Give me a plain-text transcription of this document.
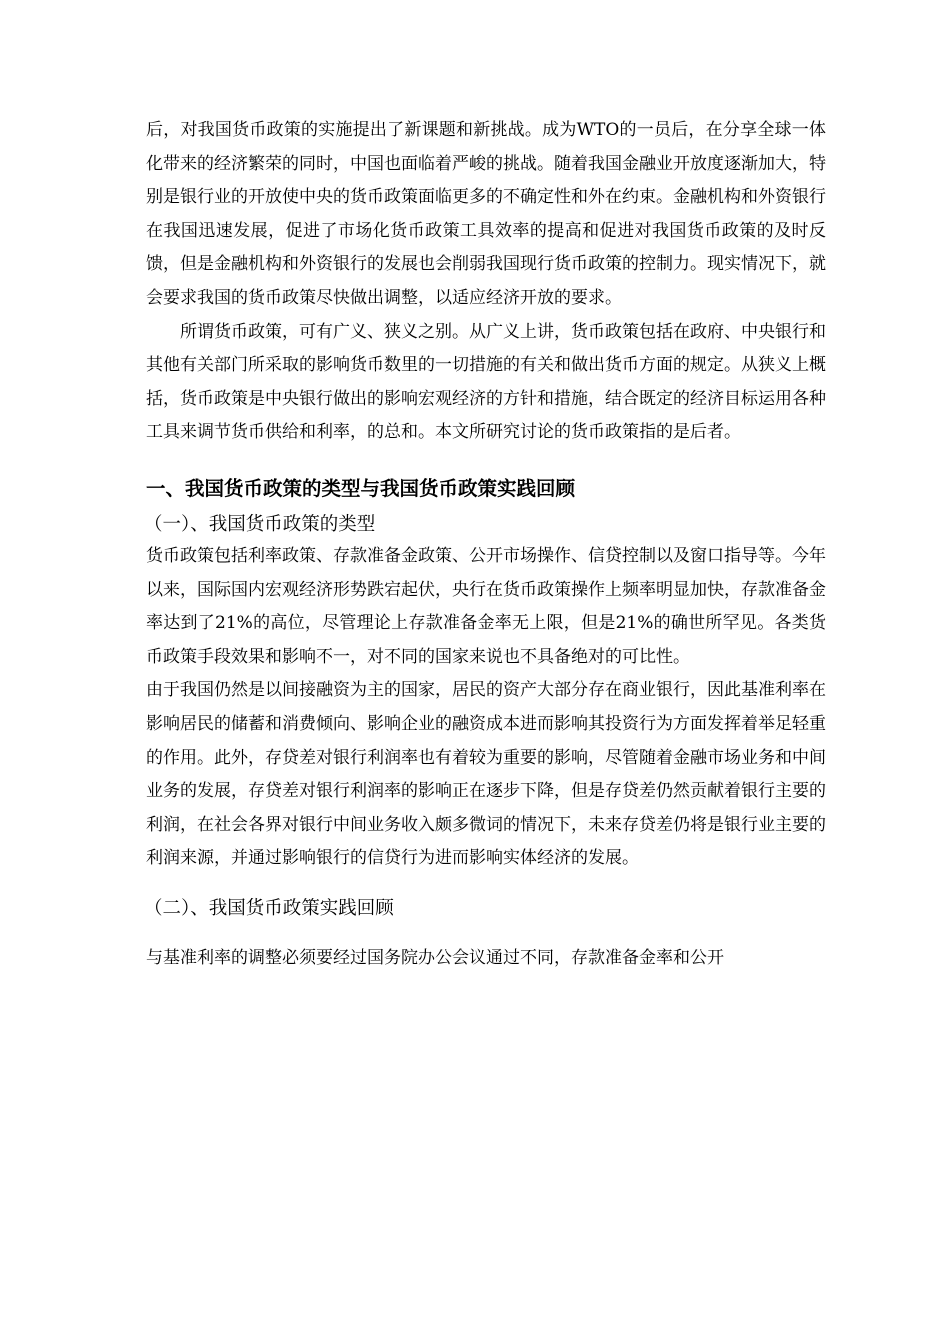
后，对我国货币政策的实施提出了新课题和新挑战。成为WTO的一员后，在分享全球一体化带来的经济繁荣的同时，中国也面临着严峻的挑战。随着我国金融业开放度逐渐加大，特别是银行业的开放使中央的货币政策面临更多的不确定性和外在约束。金融机构和外资银行在我国迅速发展，促进了市场化货币政策工具效率的提高和促进对我国货币政策的及时反馈，但是金融机构和外资银行的发展也会削弱我国现行货币政策的控制力。现实情况下，就会要求我国的货币政策尽快做出调整，以适应经济开放的要求。

所谓货币政策，可有广义、狭义之别。从广义上讲，货币政策包括在政府、中央银行和其他有关部门所采取的影响货币数里的一切措施的有关和做出货币方面的规定。从狭义上概括，货币政策是中央银行做出的影响宏观经济的方针和措施，结合既定的经济目标运用各种工具来调节货币供给和利率，的总和。本文所研究讨论的货币政策指的是后者。

一、我国货币政策的类型与我国货币政策实践回顾
（一）、我国货币政策的类型

货币政策包括利率政策、存款准备金政策、公开市场操作、信贷控制以及窗口指导等。今年以来，国际国内宏观经济形势跌宕起伏，央行在货币政策操作上频率明显加快，存款准备金率达到了21%的高位，尽管理论上存款准备金率无上限，但是21%的确世所罕见。各类货币政策手段效果和影响不一，对不同的国家来说也不具备绝对的可比性。

由于我国仍然是以间接融资为主的国家，居民的资产大部分存在商业银行，因此基准利率在影响居民的储蓄和消费倾向、影响企业的融资成本进而影响其投资行为方面发挥着举足轻重的作用。此外，存贷差对银行利润率也有着较为重要的影响，尽管随着金融市场业务和中间业务的发展，存贷差对银行利润率的影响正在逐步下降，但是存贷差仍然贡献着银行主要的利润，在社会各界对银行中间业务收入颇多微词的情况下，未来存贷差仍将是银行业主要的利润来源，并通过影响银行的信贷行为进而影响实体经济的发展。

（二）、我国货币政策实践回顾

与基准利率的调整必须要经过国务院办公会议通过不同，存款准备金率和公开
